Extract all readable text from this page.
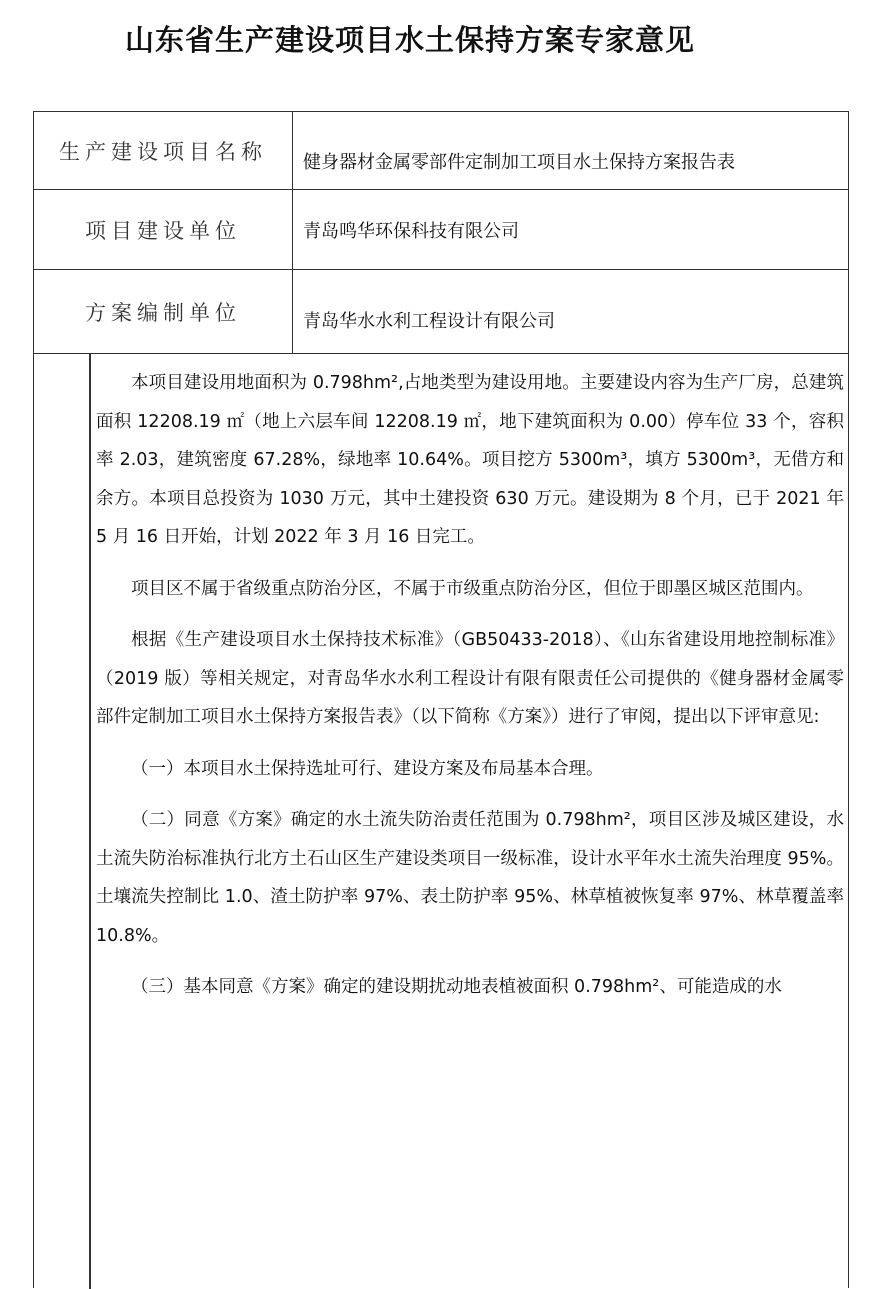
山东省生产建设项目水土保持方案专家意见
生产建设项目名称	健身器材金属零部件定制加工项目水土保持方案报告表
项目建设单位	青岛鸣华环保科技有限公司
方案编制单位	青岛华水水利工程设计有限公司

本项目建设用地面积为 0.798hm²,占地类型为建设用地。主要建设内容为生产厂房，总建筑面积 12208.19 ㎡（地上六层车间 12208.19 ㎡，地下建筑面积为 0.00）停车位 33 个，容积率 2.03，建筑密度 67.28%，绿地率 10.64%。项目挖方 5300m³，填方 5300m³，无借方和余方。本项目总投资为 1030 万元，其中土建投资 630 万元。建设期为 8 个月，已于 2021 年 5 月 16 日开始，计划 2022 年 3 月 16 日完工。

项目区不属于省级重点防治分区，不属于市级重点防治分区，但位于即墨区城区范围内。

根据《生产建设项目水土保持技术标准》（GB50433-2018）、《山东省建设用地控制标准》（2019 版）等相关规定，对青岛华水水利工程设计有限有限责任公司提供的《健身器材金属零部件定制加工项目水土保持方案报告表》（以下简称《方案》）进行了审阅，提出以下评审意见:

（一）本项目水土保持选址可行、建设方案及布局基本合理。

（二）同意《方案》确定的水土流失防治责任范围为 0.798hm²，项目区涉及城区建设，水土流失防治标准执行北方土石山区生产建设类项目一级标准，设计水平年水土流失治理度 95%。土壤流失控制比 1.0、渣土防护率 97%、表土防护率 95%、林草植被恢复率 97%、林草覆盖率 10.8%。

（三）基本同意《方案》确定的建设期扰动地表植被面积 0.798hm²、可能造成的水
